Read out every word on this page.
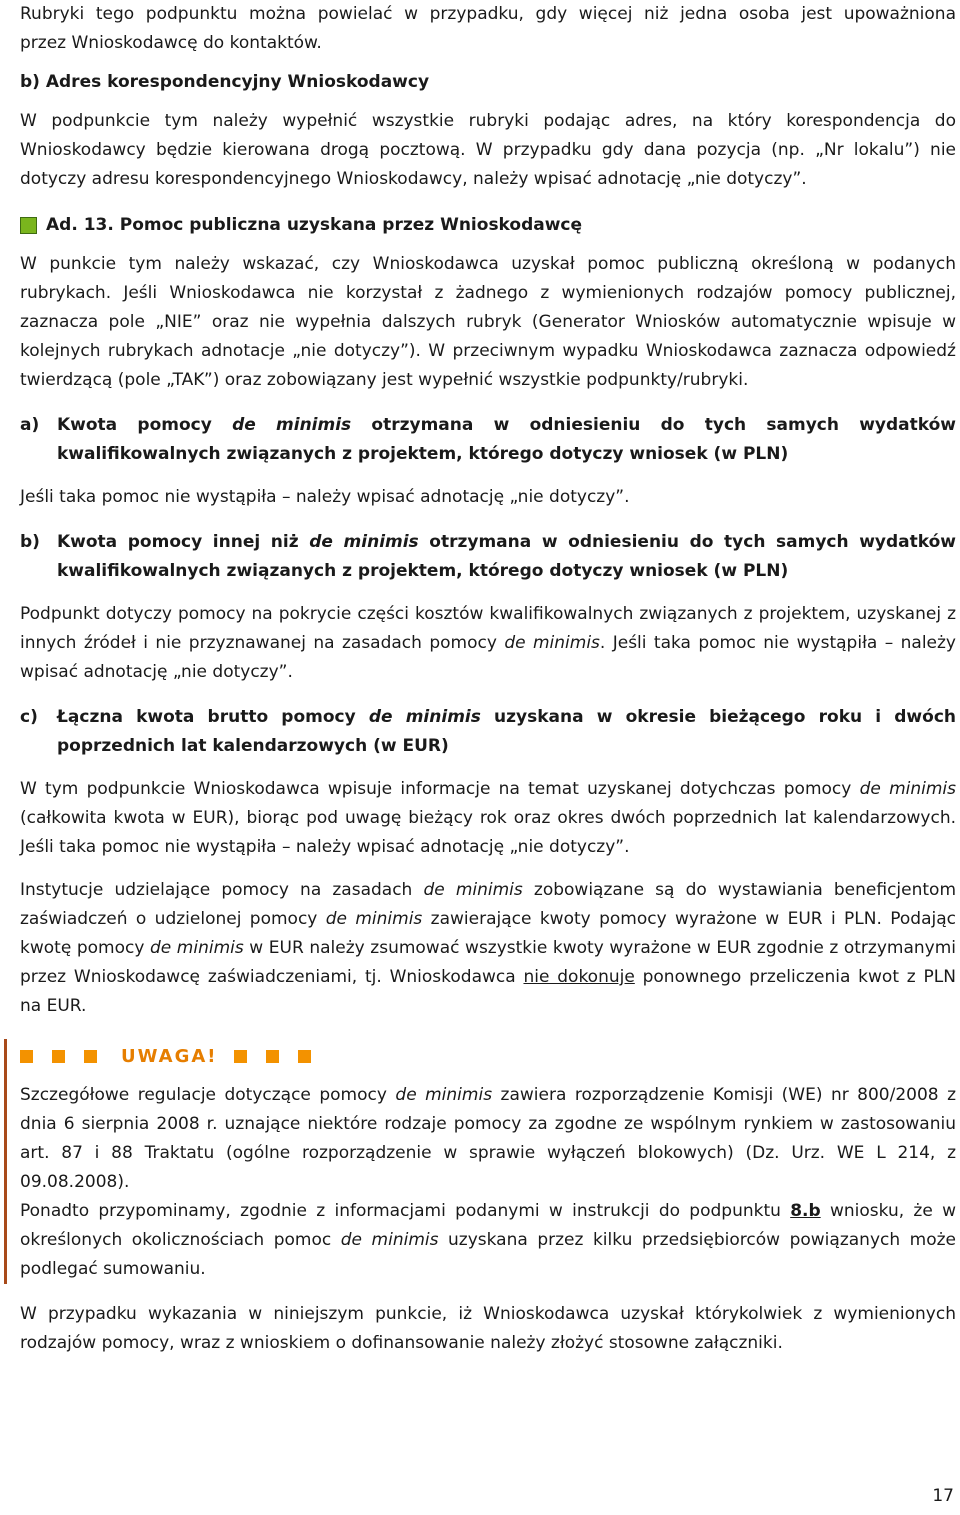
Rubryki tego podpunktu można powielać w przypadku, gdy więcej niż jedna osoba jest upoważniona

przez Wnioskodawcę do kontaktów.

b) Adres korespondencyjny Wnioskodawcy

W podpunkcie tym należy wypełnić wszystkie rubryki podając adres, na który korespondencja do Wnioskodawcy będzie kierowana drogą pocztową. W przypadku gdy dana pozycja (np. „Nr lokalu”) nie dotyczy adresu korespondencyjnego Wnioskodawcy, należy wpisać adnotację „nie dotyczy”.

Ad. 13. Pomoc publiczna uzyskana przez Wnioskodawcę

W punkcie tym należy wskazać, czy Wnioskodawca uzyskał pomoc publiczną określoną w podanych rubrykach. Jeśli Wnioskodawca nie korzystał z żadnego z wymienionych rodzajów pomocy publicznej, zaznacza pole „NIE” oraz nie wypełnia dalszych rubryk (Generator Wniosków automatycznie wpisuje w kolejnych rubrykach adnotacje „nie dotyczy”). W przeciwnym wypadku Wnioskodawca zaznacza odpowiedź twierdzącą (pole „TAK”) oraz zobowiązany jest wypełnić wszystkie podpunkty/rubryki.

a)	Kwota pomocy de minimis otrzymana w odniesieniu do tych samych wydatków kwalifikowalnych związanych z projektem, którego dotyczy wniosek (w PLN)

Jeśli taka pomoc nie wystąpiła – należy wpisać adnotację „nie dotyczy”.

b)	Kwota pomocy innej niż de minimis otrzymana w odniesieniu do tych samych wydatków kwalifikowalnych związanych z projektem, którego dotyczy wniosek (w PLN)

Podpunkt dotyczy pomocy na pokrycie części kosztów kwalifikowalnych związanych z projektem, uzyskanej z innych źródeł i nie przyznawanej na zasadach pomocy de minimis. Jeśli taka pomoc nie wystąpiła – należy wpisać adnotację „nie dotyczy”.

c)	Łączna kwota brutto pomocy de minimis uzyskana w okresie bieżącego roku i dwóch poprzednich lat kalendarzowych (w EUR)

W tym podpunkcie Wnioskodawca wpisuje informacje na temat uzyskanej dotychczas pomocy de minimis (całkowita kwota w EUR), biorąc pod uwagę bieżący rok oraz okres dwóch poprzednich lat kalendarzowych. Jeśli taka pomoc nie wystąpiła – należy wpisać adnotację „nie dotyczy”.

Instytucje udzielające pomocy na zasadach de minimis zobowiązane są do wystawiania beneficjentom zaświadczeń o udzielonej pomocy de minimis zawierające kwoty pomocy wyrażone w EUR i PLN. Podając kwotę pomocy de minimis w EUR należy zsumować wszystkie kwoty wyrażone w EUR zgodnie z otrzymanymi przez Wnioskodawcę zaświadczeniami, tj. Wnioskodawca nie dokonuje ponownego przeliczenia kwot z PLN na EUR.

UWAGA!

Szczegółowe regulacje dotyczące pomocy de minimis zawiera rozporządzenie Komisji (WE) nr 800/2008 z dnia 6 sierpnia 2008 r. uznające niektóre rodzaje pomocy za zgodne ze wspólnym rynkiem w zastosowaniu art. 87 i 88 Traktatu (ogólne rozporządzenie w sprawie wyłączeń blokowych) (Dz. Urz. WE L 214, z 09.08.2008).

Ponadto przypominamy, zgodnie z informacjami podanymi w instrukcji do podpunktu 8.b wniosku, że w określonych okolicznościach pomoc de minimis uzyskana przez kilku przedsiębiorców powiązanych może podlegać sumowaniu.

W przypadku wykazania w niniejszym punkcie, iż Wnioskodawca uzyskał którykolwiek z wymienionych rodzajów pomocy, wraz z wnioskiem o dofinansowanie należy złożyć stosowne załączniki.

17
